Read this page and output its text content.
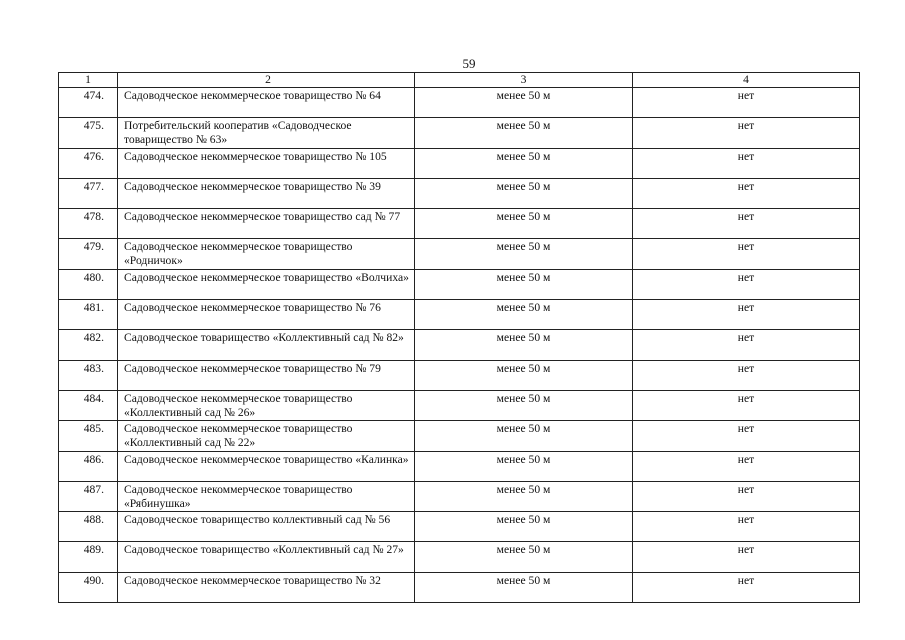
59
1	2	3	4
474.	Садоводческое некоммерческое товарищество № 64	менее 50 м	нет
475.	Потребительский кооператив «Садоводческое товарищество № 63»	менее 50 м	нет
476.	Садоводческое некоммерческое товарищество № 105	менее 50 м	нет
477.	Садоводческое некоммерческое товарищество № 39	менее 50 м	нет
478.	Садоводческое некоммерческое товарищество сад № 77	менее 50 м	нет
479.	Садоводческое некоммерческое товарищество «Родничок»	менее 50 м	нет
480.	Садоводческое некоммерческое товарищество «Волчиха»	менее 50 м	нет
481.	Садоводческое некоммерческое товарищество № 76	менее 50 м	нет
482.	Садоводческое товарищество «Коллективный сад № 82»	менее 50 м	нет
483.	Садоводческое некоммерческое товарищество № 79	менее 50 м	нет
484.	Садоводческое некоммерческое товарищество «Коллективный сад № 26»	менее 50 м	нет
485.	Садоводческое некоммерческое товарищество «Коллективный сад № 22»	менее 50 м	нет
486.	Садоводческое некоммерческое товарищество «Калинка»	менее 50 м	нет
487.	Садоводческое некоммерческое товарищество «Рябинушка»	менее 50 м	нет
488.	Садоводческое товарищество коллективный сад № 56	менее 50 м	нет
489.	Садоводческое товарищество «Коллективный сад № 27»	менее 50 м	нет
490.	Садоводческое некоммерческое товарищество № 32	менее 50 м	нет
